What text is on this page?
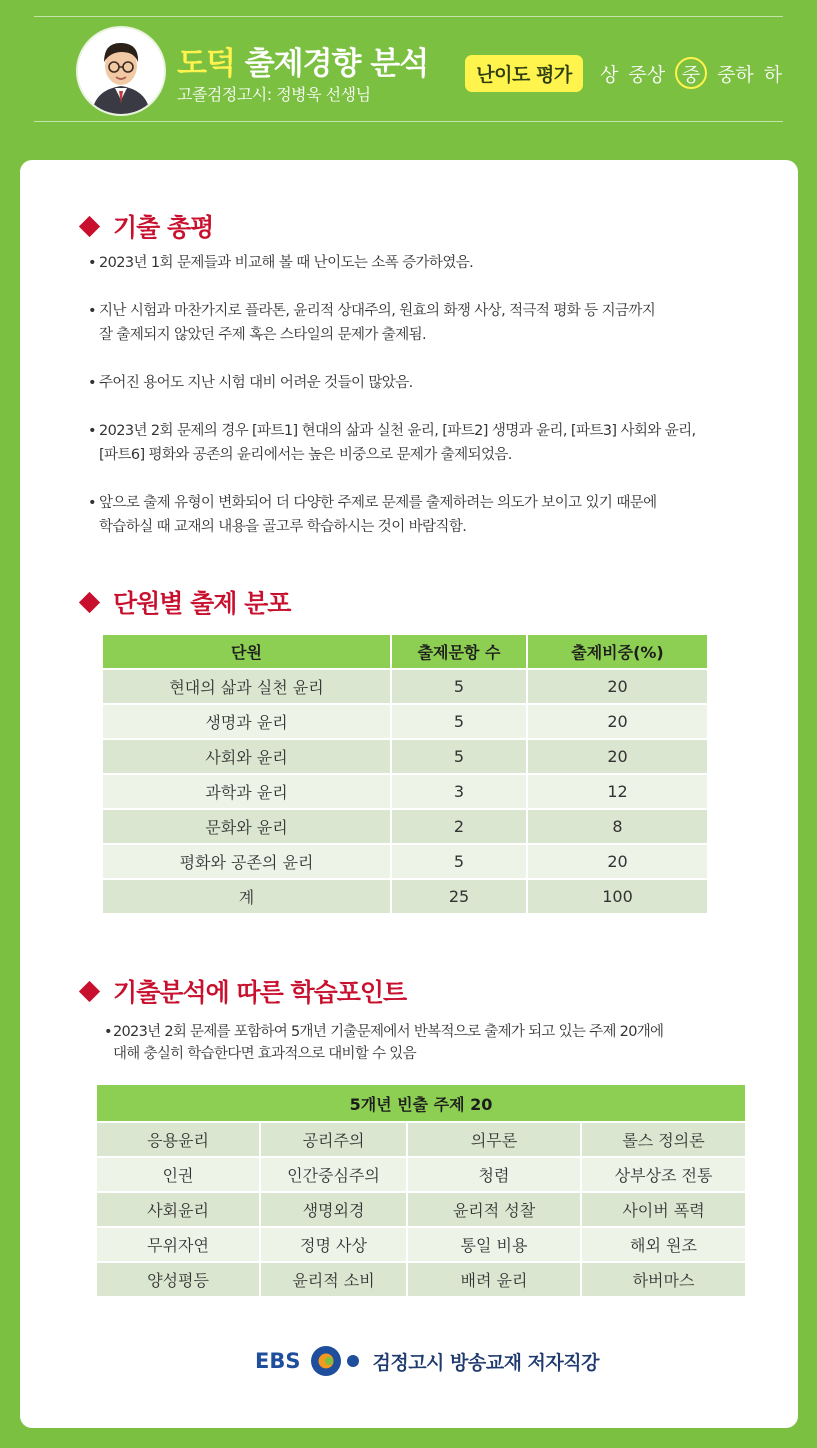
도덕 출제경향 분석
고졸검정고시: 정병욱 선생님
난이도 평가	상 중상 중 중하 하
기출 총평
• 2023년 1회 문제들과 비교해 볼 때 난이도는 소폭 증가하였음.
• 지난 시험과 마찬가지로 플라톤, 윤리적 상대주의, 원효의 화쟁 사상, 적극적 평화 등 지금까지
잘 출제되지 않았던 주제 혹은 스타일의 문제가 출제됨.
• 주어진 용어도 지난 시험 대비 어려운 것들이 많았음.
• 2023년 2회 문제의 경우 [파트1] 현대의 삶과 실천 윤리, [파트2] 생명과 윤리, [파트3] 사회와 윤리,
[파트6] 평화와 공존의 윤리에서는 높은 비중으로 문제가 출제되었음.
• 앞으로 출제 유형이 변화되어 더 다양한 주제로 문제를 출제하려는 의도가 보이고 있기 때문에
학습하실 때 교재의 내용을 골고루 학습하시는 것이 바람직함.
단원별 출제 분포
단원	출제문항 수	출제비중(%)
현대의 삶과 실천 윤리	5	20
생명과 윤리	5	20
사회와 윤리	5	20
과학과 윤리	3	12
문화와 윤리	2	8
평화와 공존의 윤리	5	20
계	25	100
기출분석에 따른 학습포인트
• 2023년 2회 문제를 포함하여 5개년 기출문제에서 반복적으로 출제가 되고 있는 주제 20개에
대해 충실히 학습한다면 효과적으로 대비할 수 있음
5개년 빈출 주제 20			
응용윤리	공리주의	의무론	롤스 정의론
인권	인간중심주의	청렴	상부상조 전통
사회윤리	생명외경	윤리적 성찰	사이버 폭력
무위자연	정명 사상	통일 비용	해외 원조
양성평등	윤리적 소비	배려 윤리	하버마스
EBS	검정고시 방송교재 저자직강
